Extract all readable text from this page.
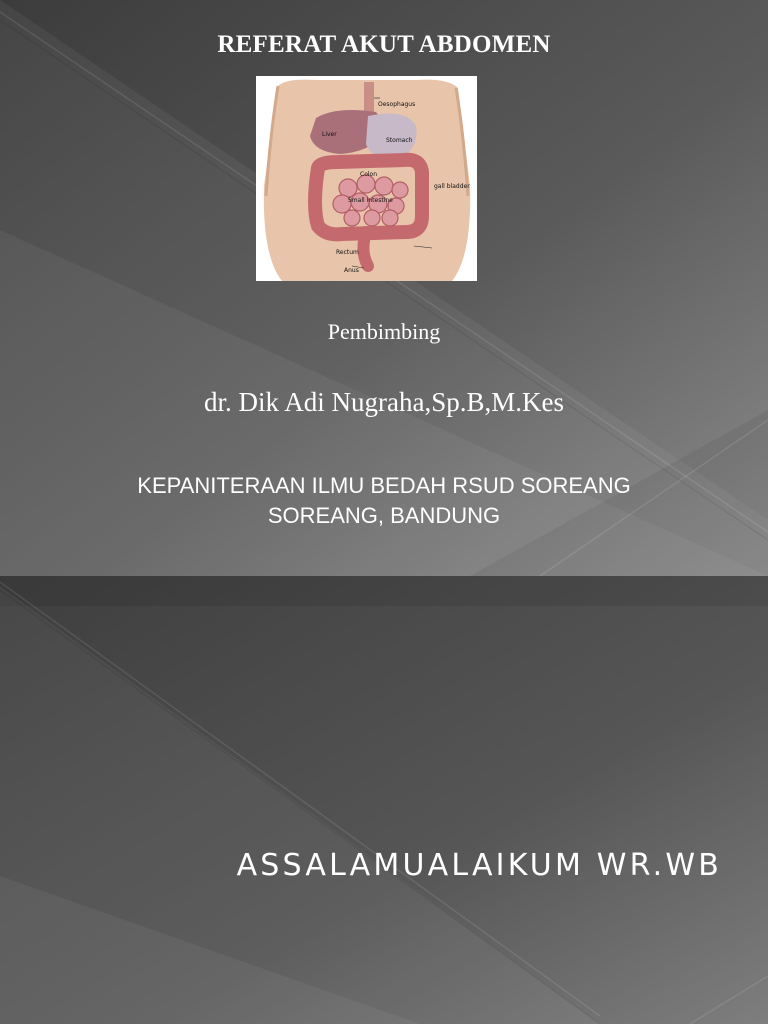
REFERAT AKUT ABDOMEN
Oesophagus
Liver
Stomach
gall bladder
Colon
Small Intestine
Rectum
Anus
Pembimbing
dr. Dik Adi Nugraha,Sp.B,M.Kes
KEPANITERAAN ILMU BEDAH RSUD SOREANG
SOREANG, BANDUNG
ASSALAMUALAIKUM WR.WB
